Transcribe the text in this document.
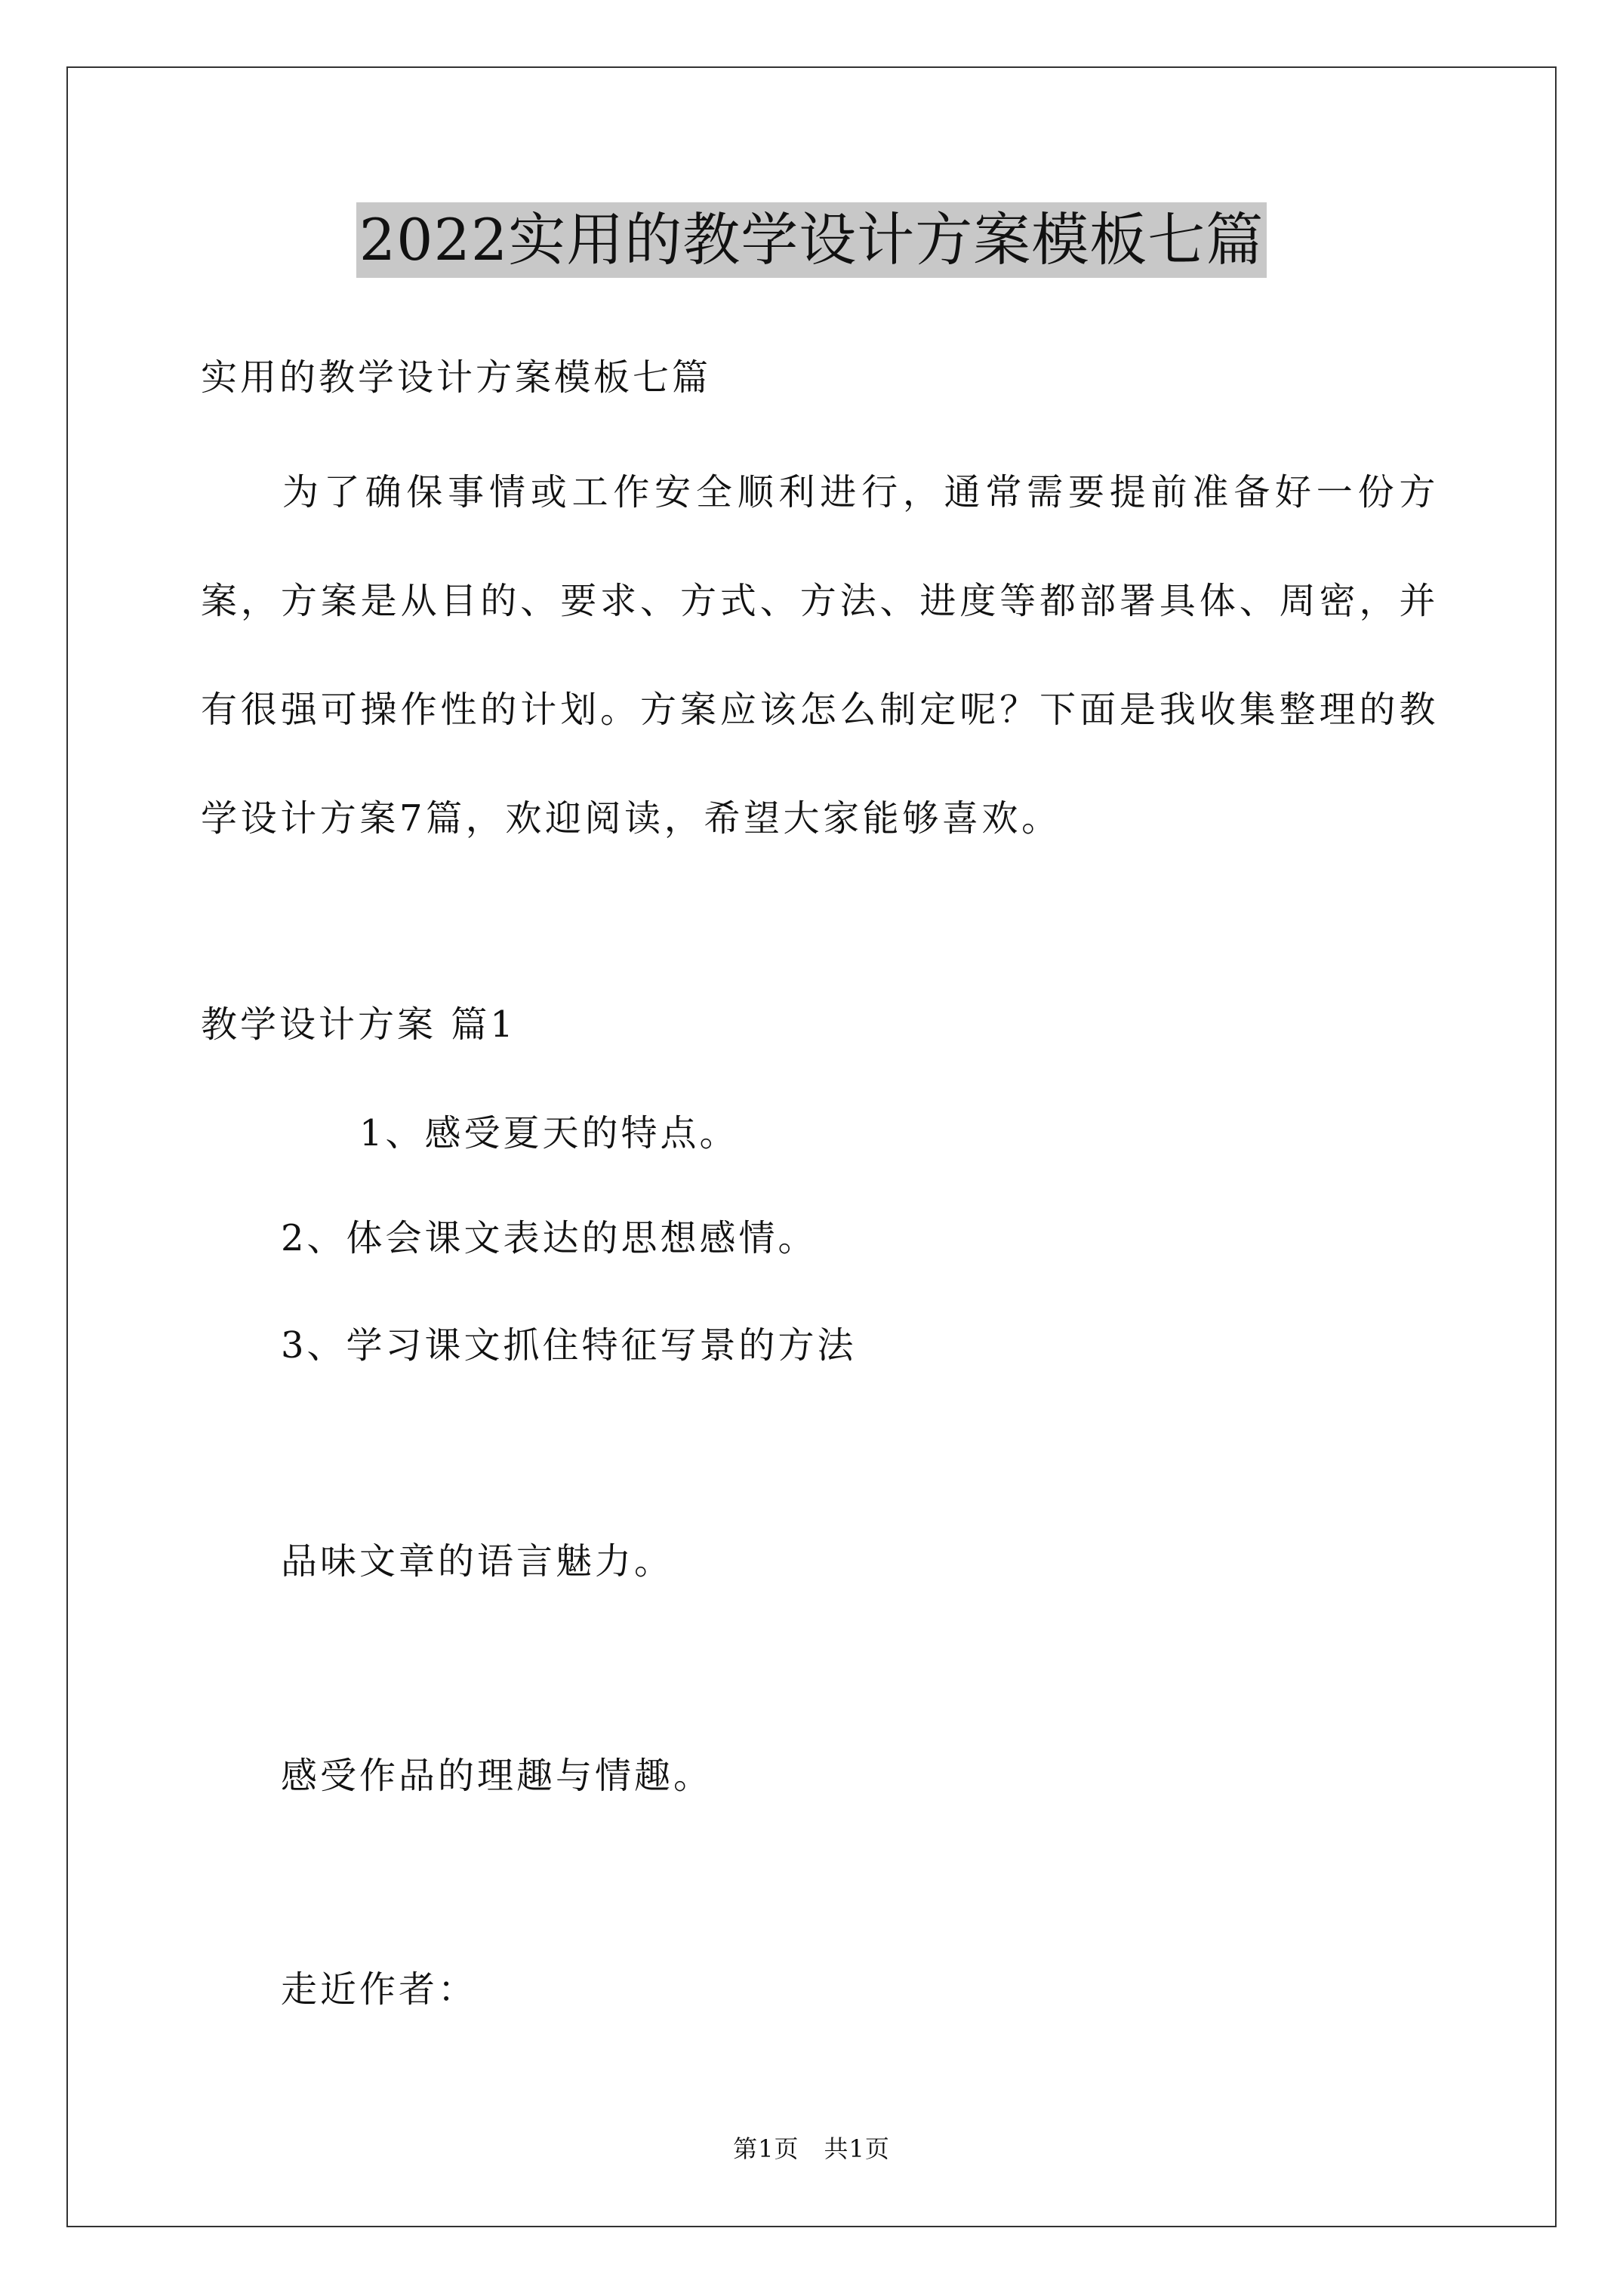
2022实用的教学设计方案模板七篇
实用的教学设计方案模板七篇
为了确保事情或工作安全顺利进行，通常需要提前准备好一份方案，方案是从目的、要求、方式、方法、进度等都部署具体、周密，并有很强可操作性的计划。方案应该怎么制定呢？下面是我收集整理的教学设计方案7篇，欢迎阅读，希望大家能够喜欢。
教学设计方案 篇1
1、感受夏天的特点。
2、体会课文表达的思想感情。
3、学习课文抓住特征写景的方法
品味文章的语言魅力。
感受作品的理趣与情趣。
走近作者：
第1页　共1页
